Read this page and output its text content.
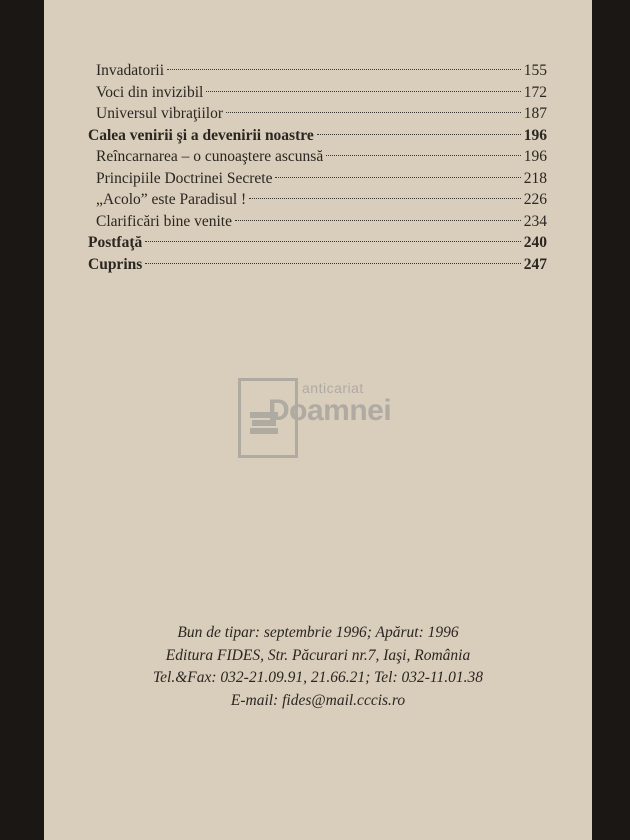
Invadatorii	155
Voci din invizibil	172
Universul vibraţiilor	187
Calea venirii şi a devenirii noastre	196
Reîncarnarea – o cunoaştere ascunsă	196
Principiile Doctrinei Secrete	218
„Acolo” este Paradisul !	226
Clarificări bine venite	234
Postfaţă	240
Cuprins	247
anticariat
Doamnei
Bun de tipar: septembrie 1996; Apărut: 1996
Editura FIDES, Str. Păcurari nr.7, Iaşi, România
Tel.&Fax: 032-21.09.91, 21.66.21; Tel: 032-11.01.38
E-mail: fides@mail.cccis.ro
